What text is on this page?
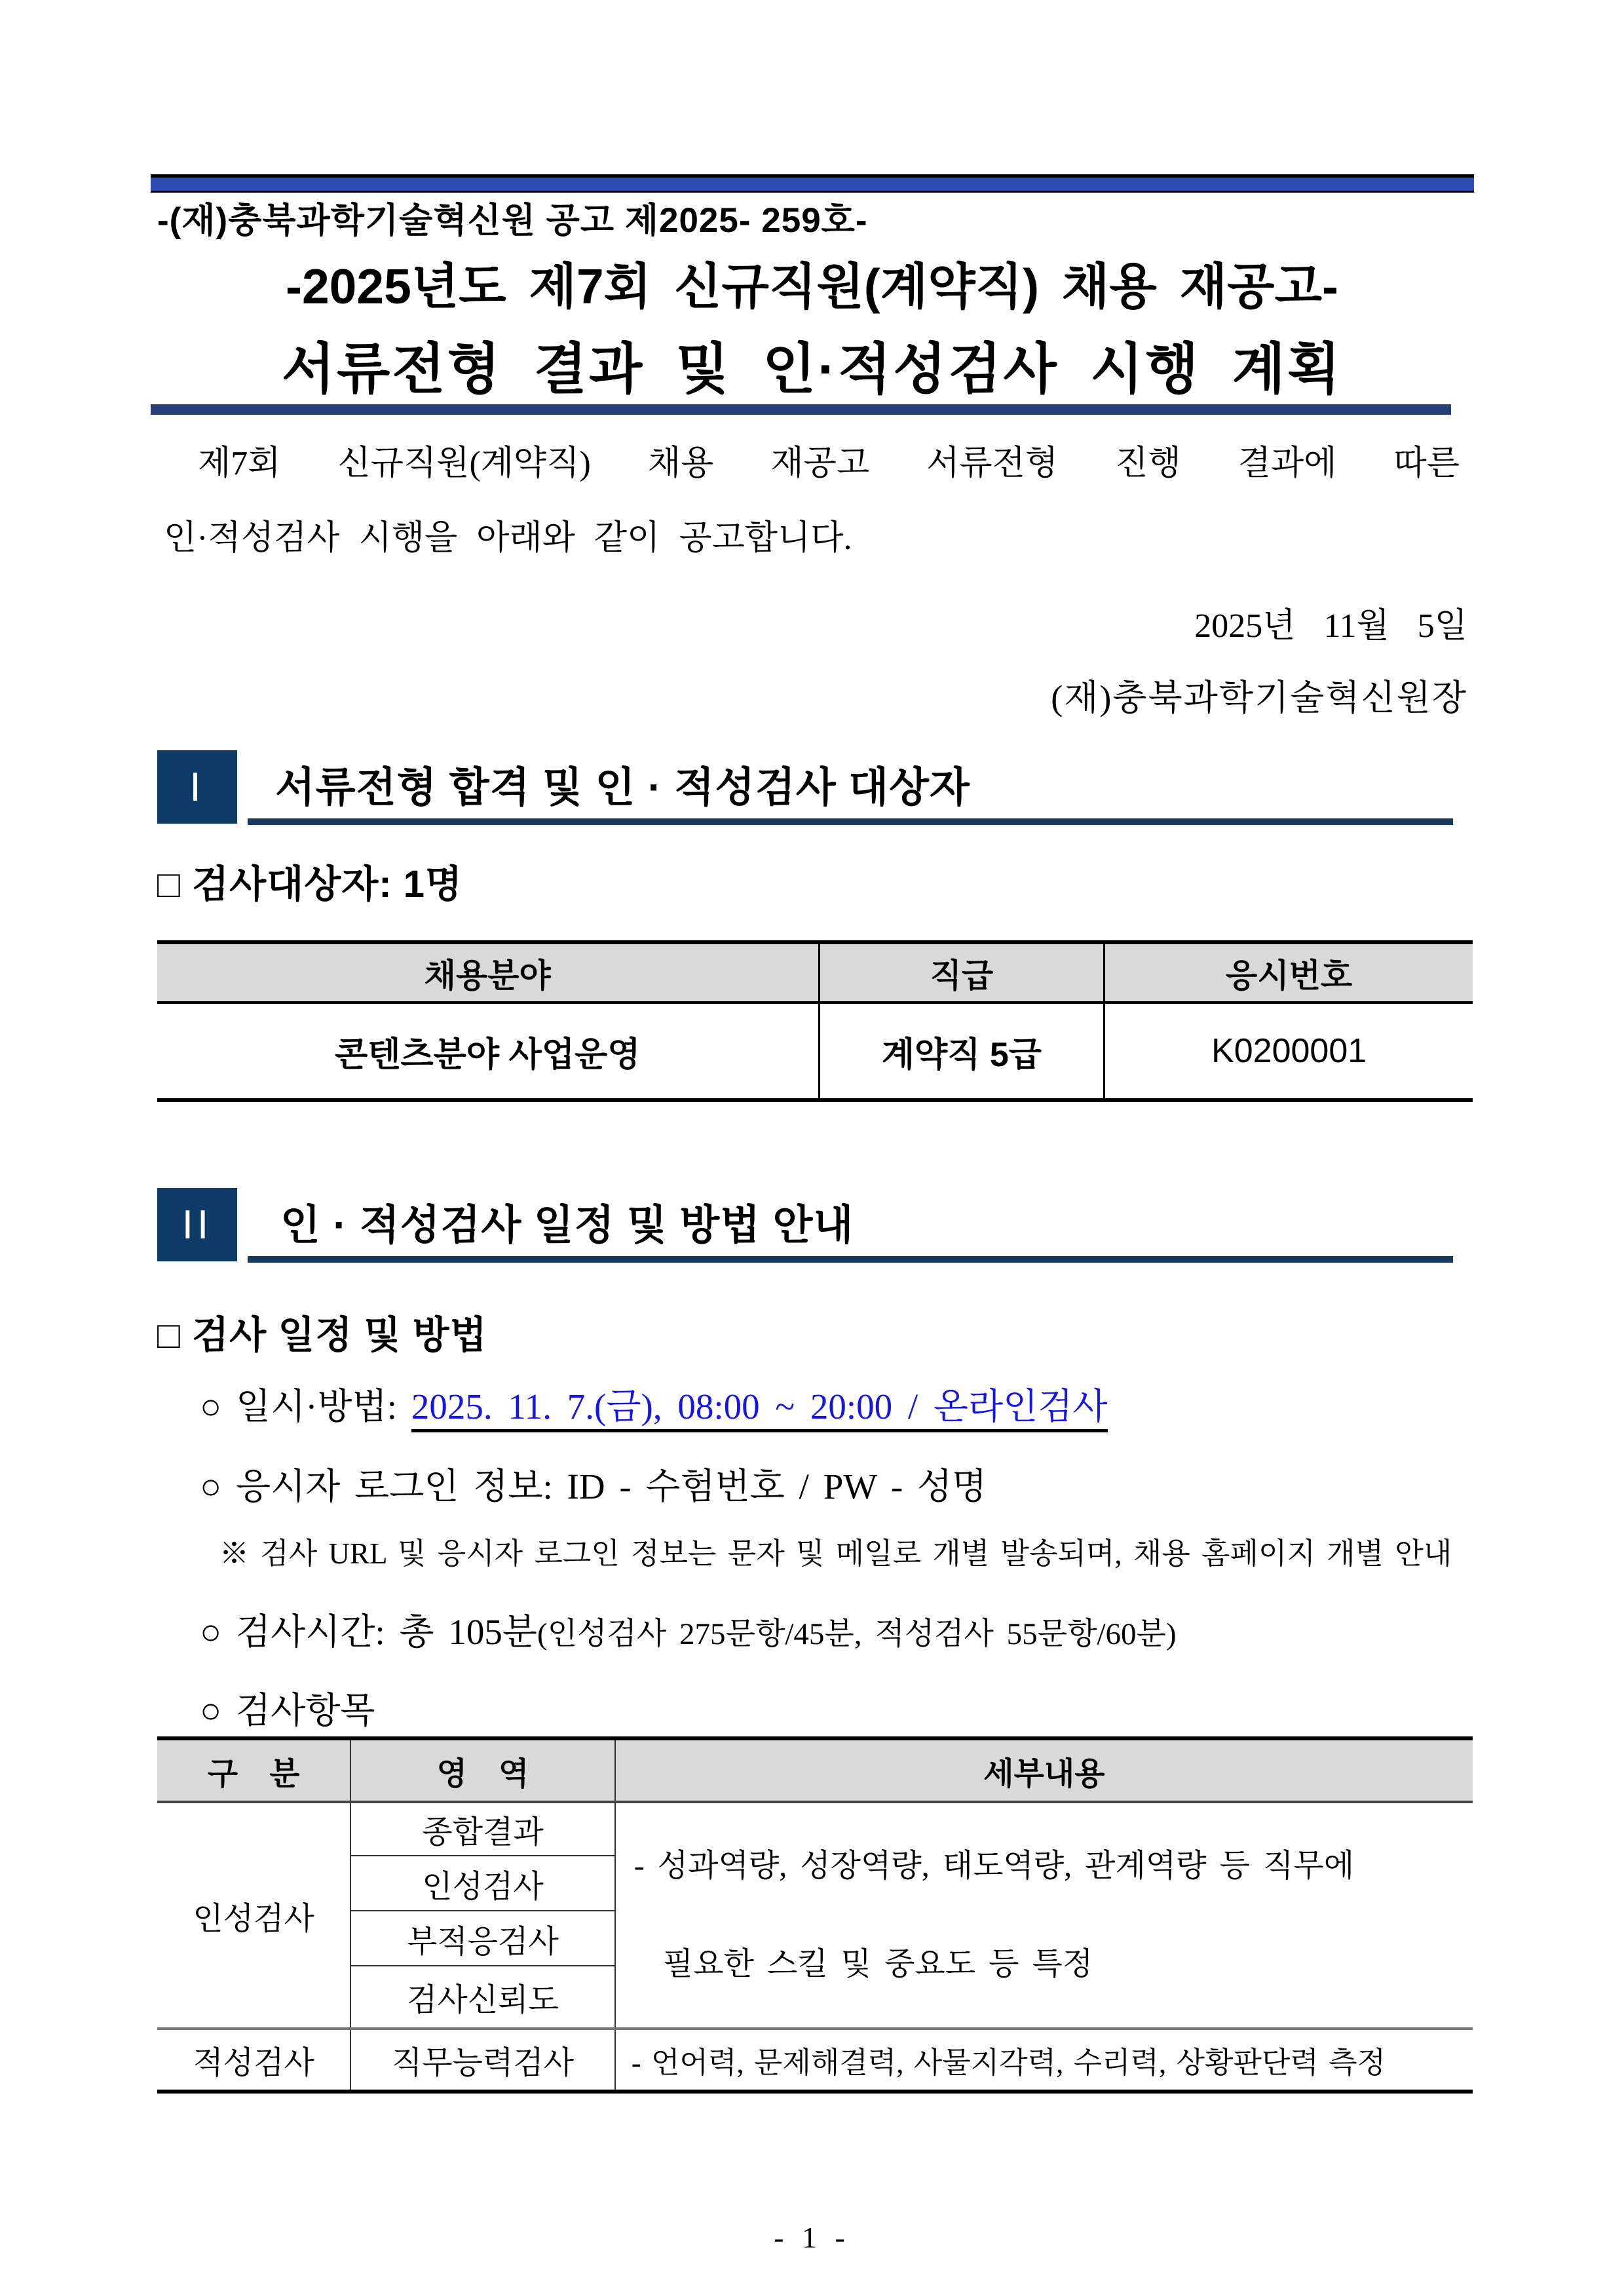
-(재)충북과학기술혁신원 공고 제2025- 259호-
-2025년도 제7회 신규직원(계약직) 채용 재공고-
서류전형 결과 및 인·적성검사 시행 계획
제7회 신규직원(계약직) 채용 재공고 서류전형 진행 결과에 따른
인·적성검사 시행을 아래와 같이 공고합니다.
2025년 11월 5일
(재)충북과학기술혁신원장
I 서류전형 합격 및 인 · 적성검사 대상자
□ 검사대상자: 1명
채용분야	직급	응시번호
콘텐츠분야 사업운영	계약직 5급	K0200001
II 인 · 적성검사 일정 및 방법 안내
□ 검사 일정 및 방법
○ 일시·방법: 2025. 11. 7.(금), 08:00 ~ 20:00 / 온라인검사
○ 응시자 로그인 정보: ID - 수험번호 / PW - 성명
※ 검사 URL 및 응시자 로그인 정보는 문자 및 메일로 개별 발송되며, 채용 홈페이지 개별 안내
○ 검사시간: 총 105분(인성검사 275문항/45분, 적성검사 55문항/60분)
○ 검사항목
구　분	영　역	세부내용
인성검사	종합결과	- 성과역량, 성장역량, 태도역량, 관계역량 등 직무에
필요한 스킬 및 중요도 등 특정

	인성검사	
	부적응검사	
	검사신뢰도	
적성검사	직무능력검사	- 언어력, 문제해결력, 사물지각력, 수리력, 상황판단력 측정
- 1 -
